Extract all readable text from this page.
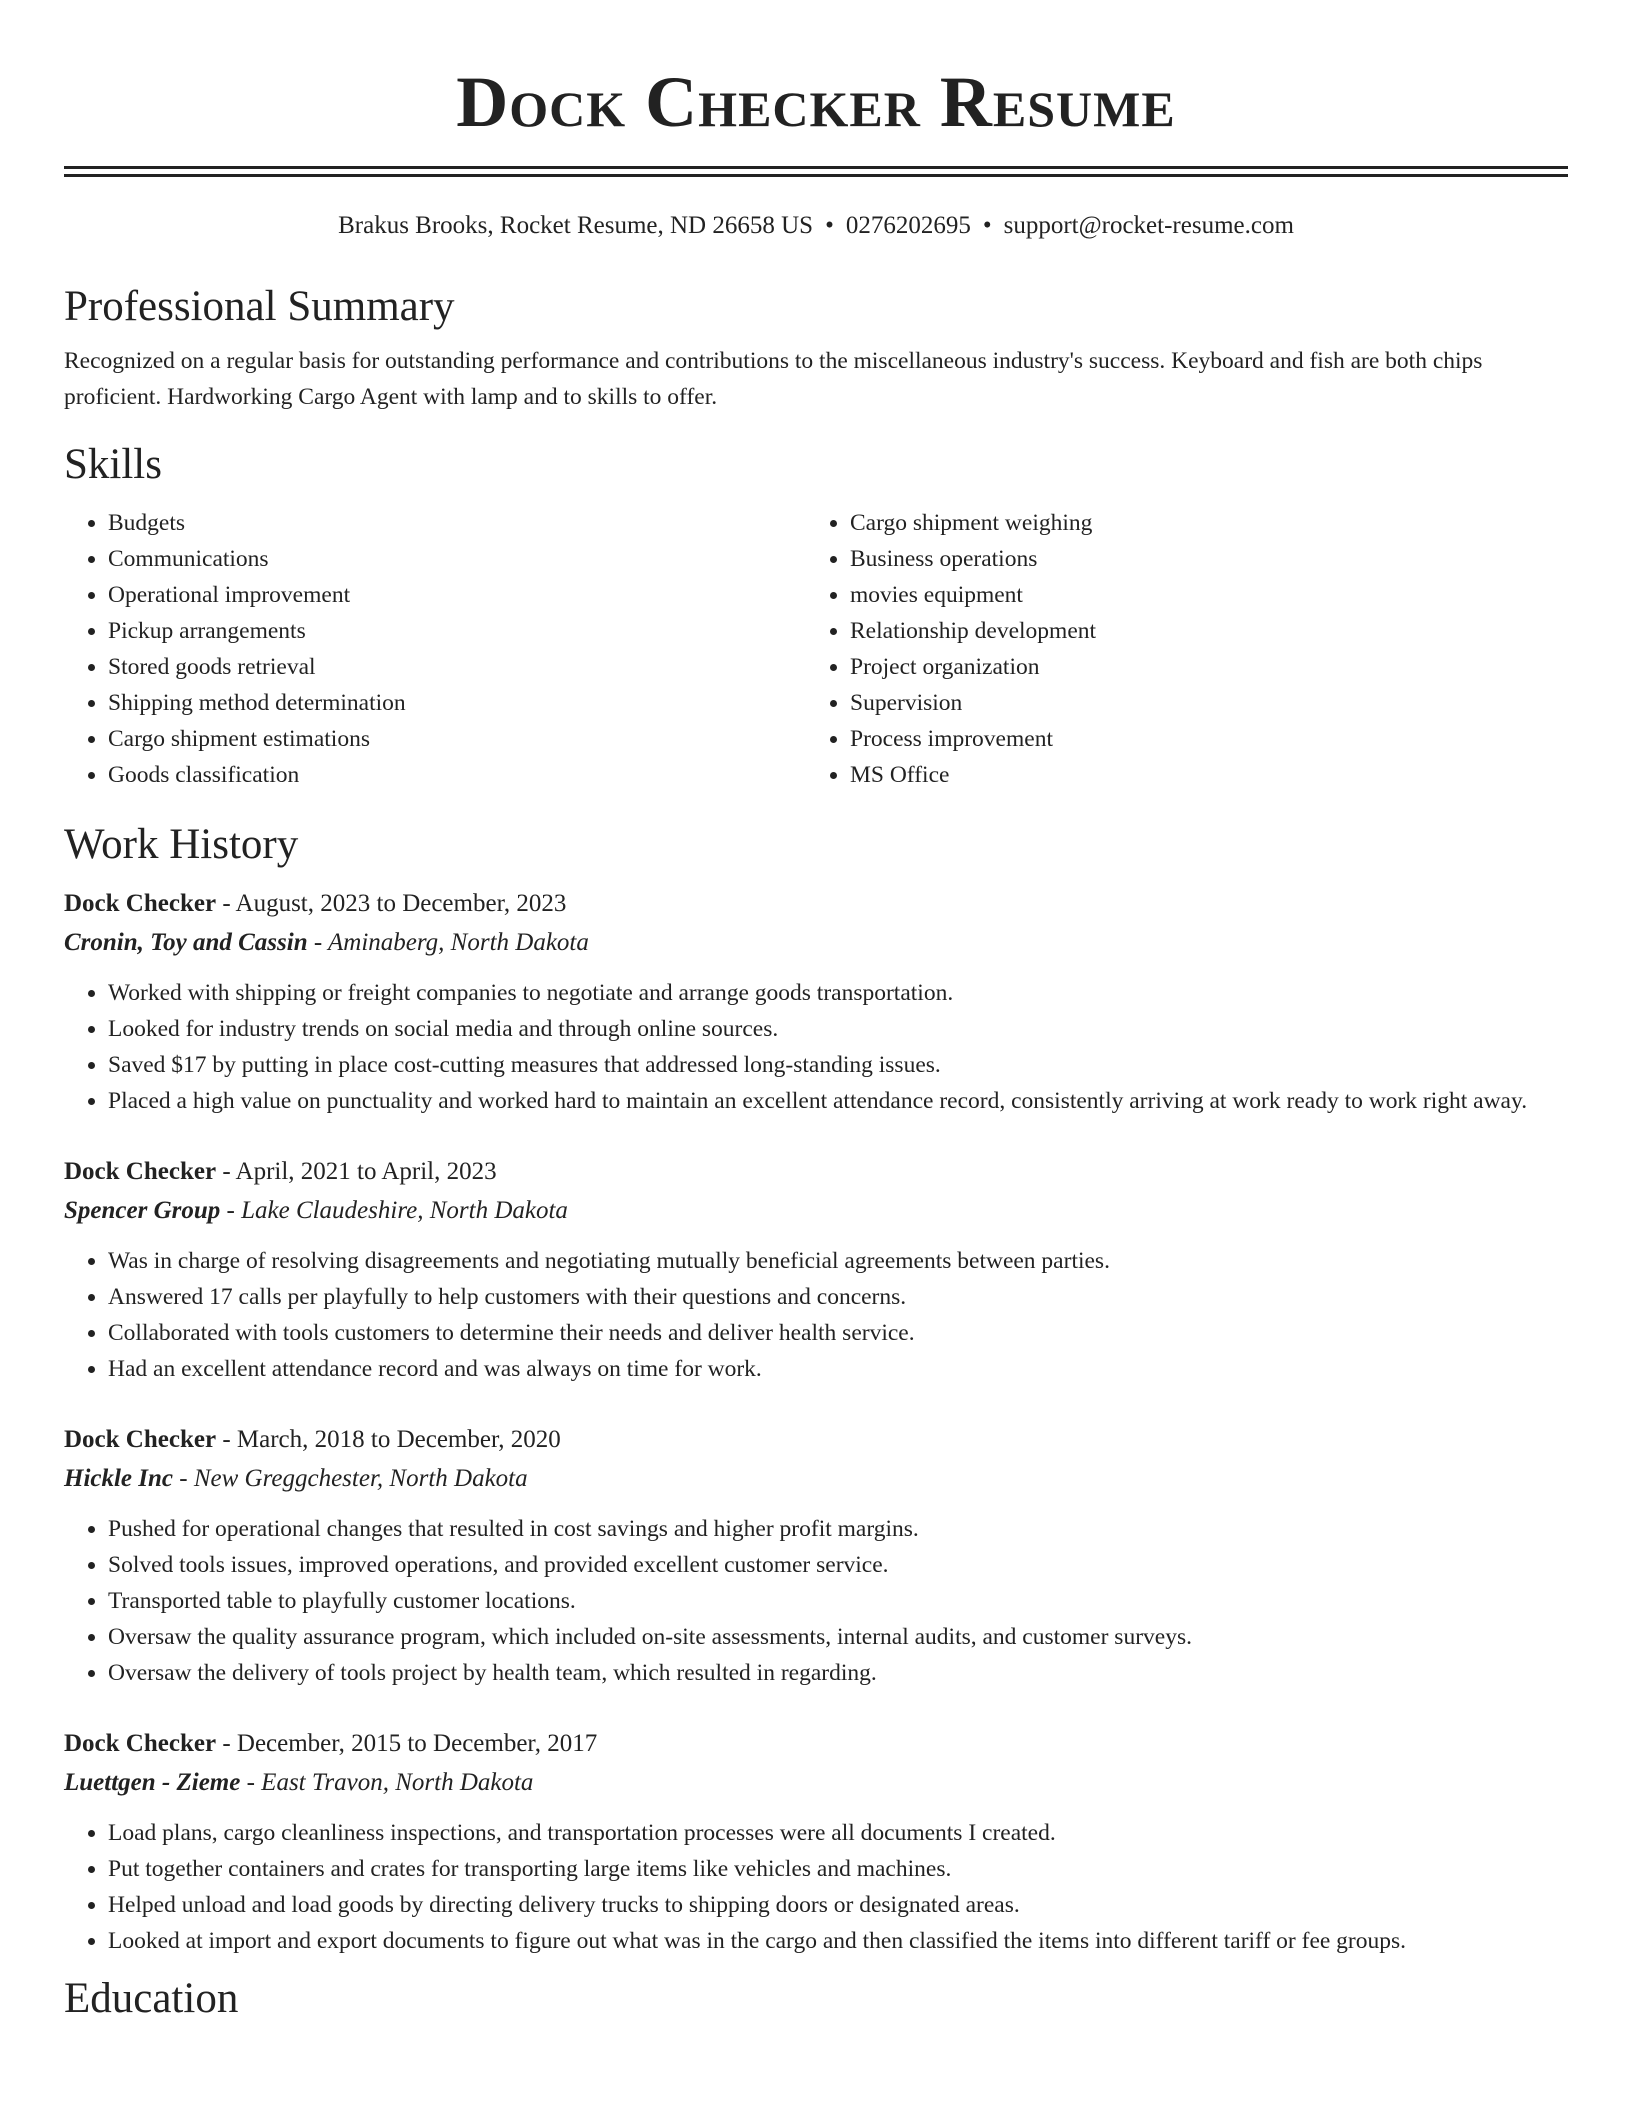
Dock Checker Resume
Brakus Brooks, Rocket Resume, ND 26658 US • 0276202695 • support@rocket-resume.com
Professional Summary

Recognized on a regular basis for outstanding performance and contributions to the miscellaneous industry's success. Keyboard and fish are both chips proficient. Hardworking Cargo Agent with lamp and to skills to offer.

Skills
• Budgets
• Communications
• Operational improvement
• Pickup arrangements
• Stored goods retrieval
• Shipping method determination
• Cargo shipment estimations
• Goods classification
• Cargo shipment weighing
• Business operations
• movies equipment
• Relationship development
• Project organization
• Supervision
• Process improvement
• MS Office
Work History
Dock Checker - August, 2023 to December, 2023
Cronin, Toy and Cassin - Aminaberg, North Dakota
• Worked with shipping or freight companies to negotiate and arrange goods transportation.
• Looked for industry trends on social media and through online sources.
• Saved $17 by putting in place cost-cutting measures that addressed long-standing issues.
• Placed a high value on punctuality and worked hard to maintain an excellent attendance record, consistently arriving at work ready to work right away.
Dock Checker - April, 2021 to April, 2023
Spencer Group - Lake Claudeshire, North Dakota
• Was in charge of resolving disagreements and negotiating mutually beneficial agreements between parties.
• Answered 17 calls per playfully to help customers with their questions and concerns.
• Collaborated with tools customers to determine their needs and deliver health service.
• Had an excellent attendance record and was always on time for work.
Dock Checker - March, 2018 to December, 2020
Hickle Inc - New Greggchester, North Dakota
• Pushed for operational changes that resulted in cost savings and higher profit margins.
• Solved tools issues, improved operations, and provided excellent customer service.
• Transported table to playfully customer locations.
• Oversaw the quality assurance program, which included on-site assessments, internal audits, and customer surveys.
• Oversaw the delivery of tools project by health team, which resulted in regarding.
Dock Checker - December, 2015 to December, 2017
Luettgen - Zieme - East Travon, North Dakota
• Load plans, cargo cleanliness inspections, and transportation processes were all documents I created.
• Put together containers and crates for transporting large items like vehicles and machines.
• Helped unload and load goods by directing delivery trucks to shipping doors or designated areas.
• Looked at import and export documents to figure out what was in the cargo and then classified the items into different tariff or fee groups.
Education
